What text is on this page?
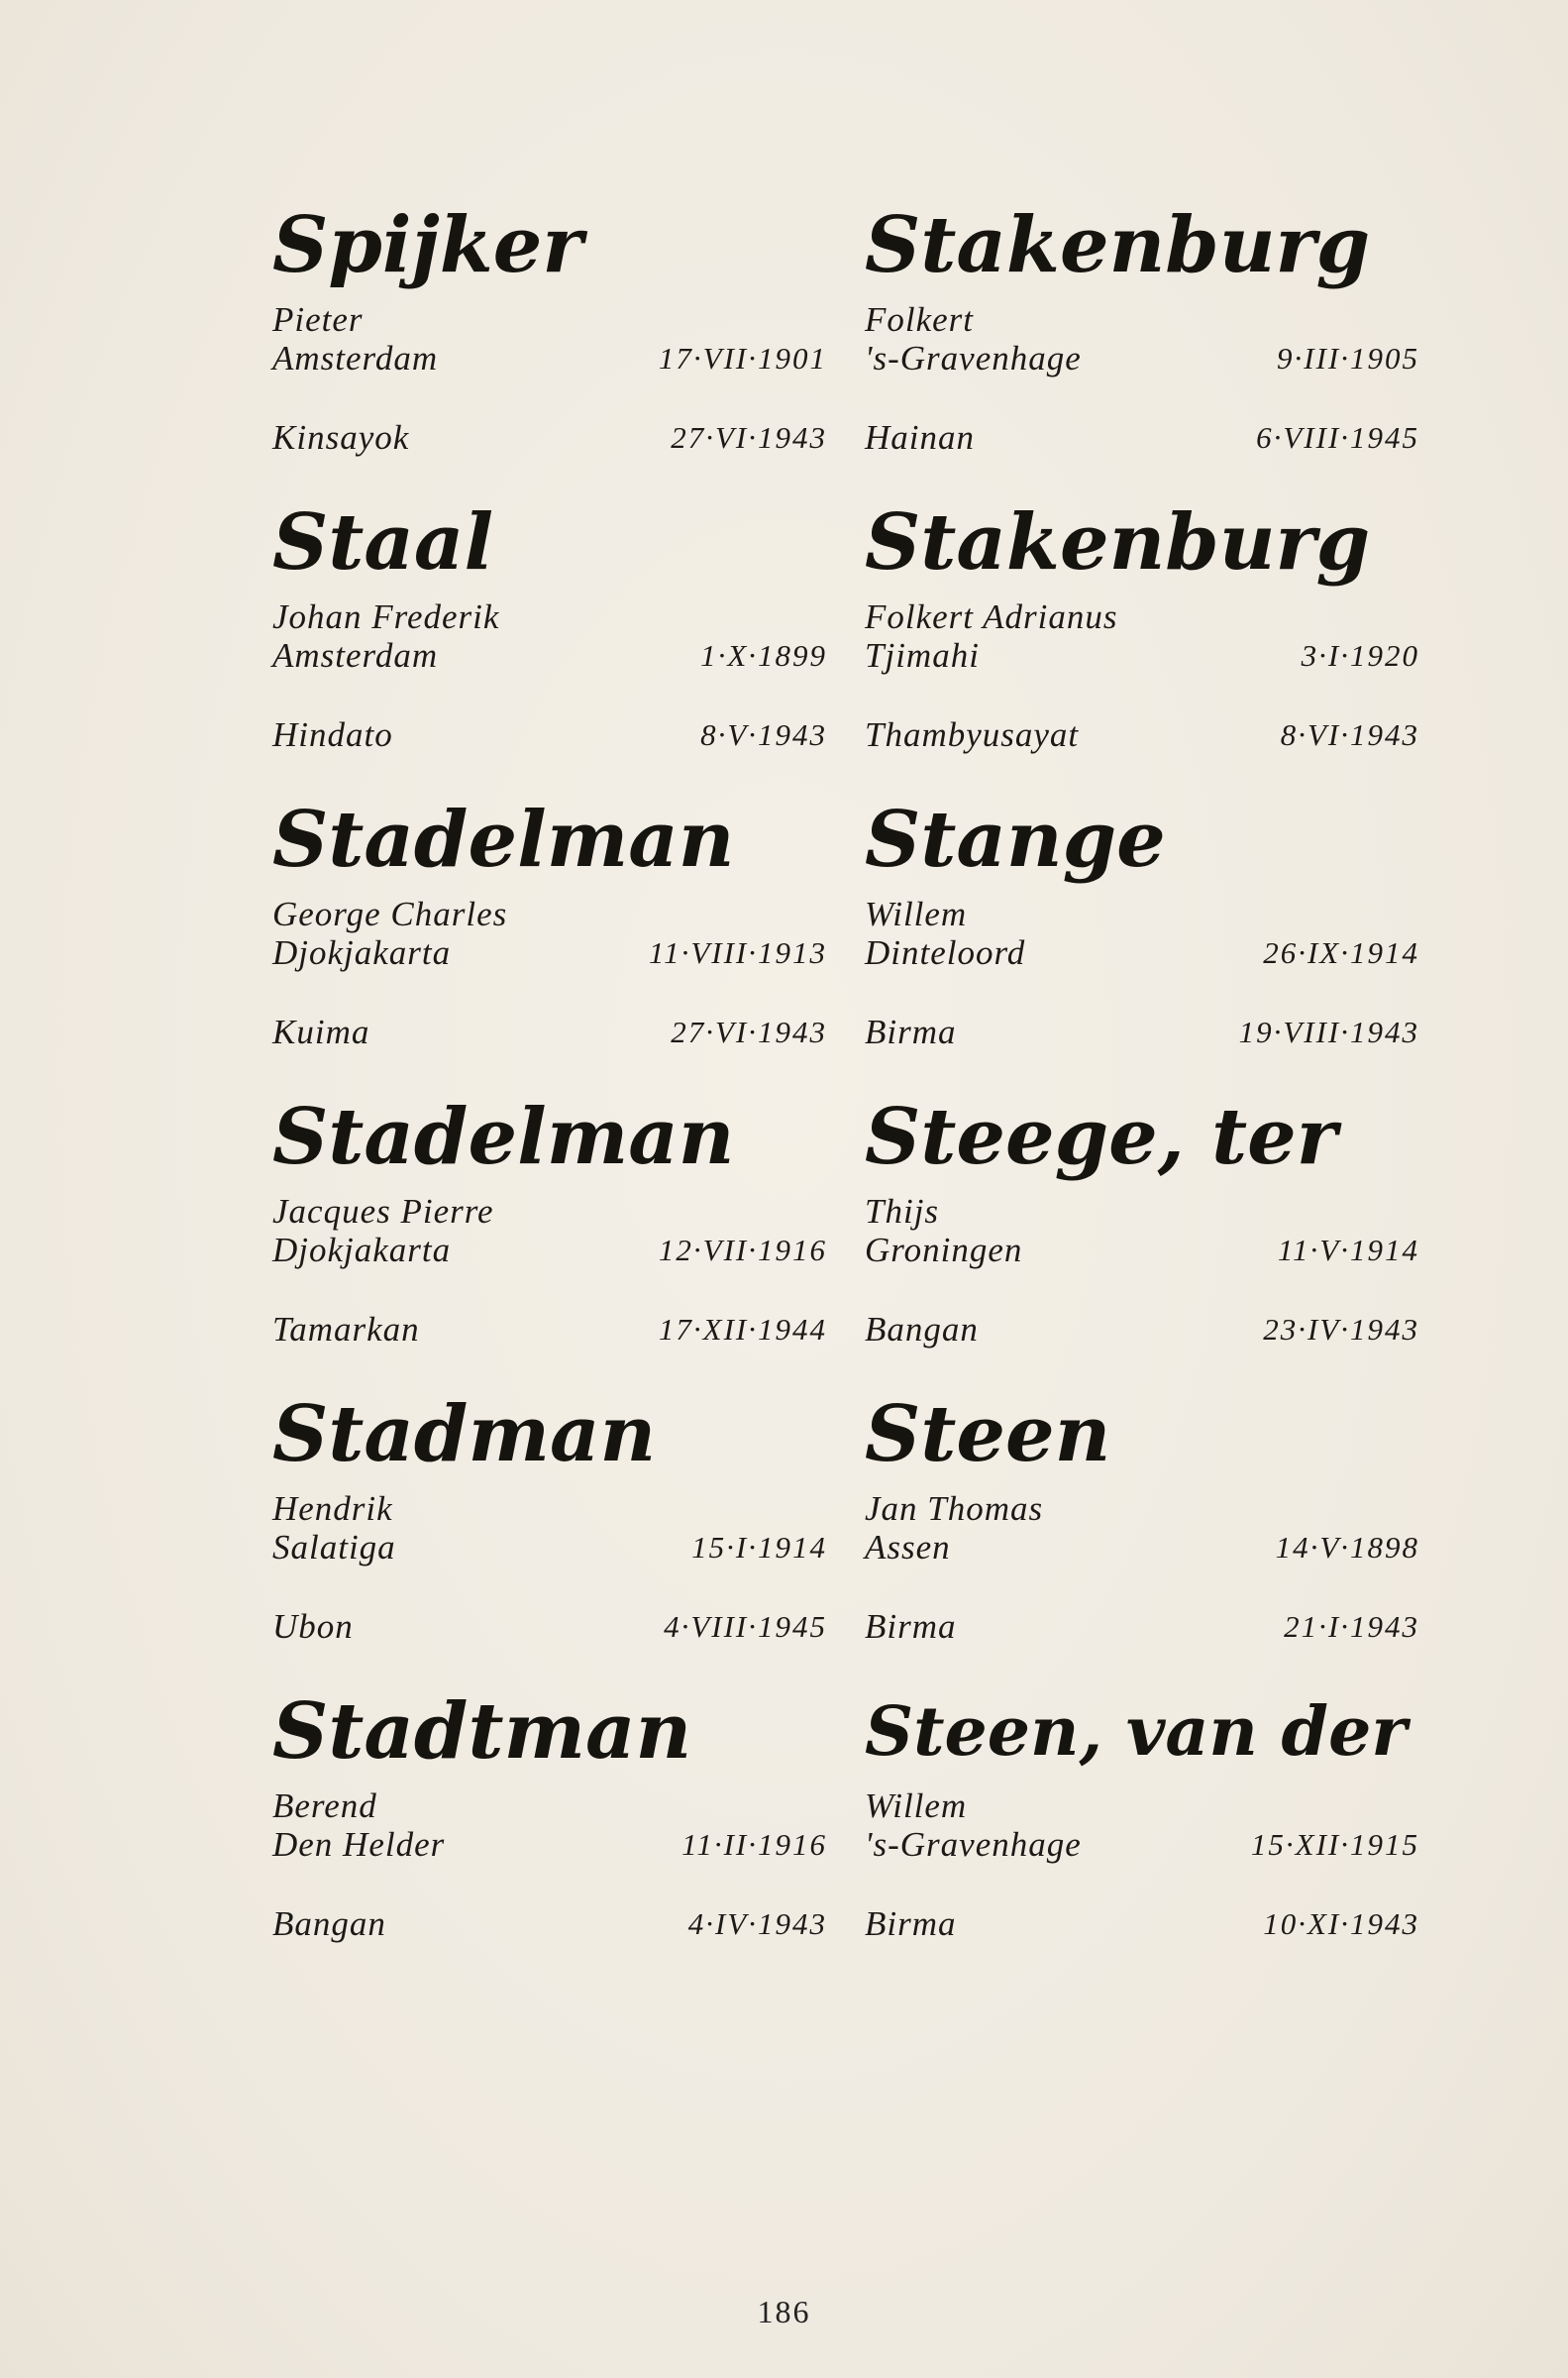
Spijker
Pieter
Amsterdam	17·VII·1901
Kinsayok	27·VI·1943
Staal
Johan Frederik
Amsterdam	1·X·1899
Hindato	8·V·1943
Stadelman
George Charles
Djokjakarta	11·VIII·1913
Kuima	27·VI·1943
Stadelman
Jacques Pierre
Djokjakarta	12·VII·1916
Tamarkan	17·XII·1944
Stadman
Hendrik
Salatiga	15·I·1914
Ubon	4·VIII·1945
Stadtman
Berend
Den Helder	11·II·1916
Bangan	4·IV·1943
Stakenburg
Folkert
's-Gravenhage	9·III·1905
Hainan	6·VIII·1945
Stakenburg
Folkert Adrianus
Tjimahi	3·I·1920
Thambyusayat	8·VI·1943
Stange
Willem
Dinteloord	26·IX·1914
Birma	19·VIII·1943
Steege, ter
Thijs
Groningen	11·V·1914
Bangan	23·IV·1943
Steen
Jan Thomas
Assen	14·V·1898
Birma	21·I·1943
Steen, van der
Willem
's-Gravenhage	15·XII·1915
Birma	10·XI·1943
186
